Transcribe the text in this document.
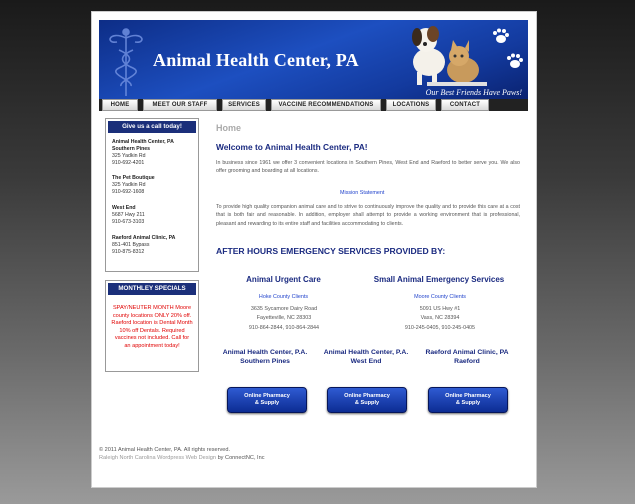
Animal Health Center, PA
Our Best Friends Have Paws!
HOME	MEET OUR STAFF	SERVICES	VACCINE RECOMMENDATIONS	LOCATIONS	CONTACT
Give us a call today!
Animal Health Center, PA
Southern Pines
325 Yadkin Rd
910-692-4201
The Pet Boutique
325 Yadkin Rd
910-692-1608
West End
5687 Hwy 211
910-673-3103
Raeford Animal Clinic, PA
851-401 Bypass
910-875-8312
MONTHLEY SPECIALS
SPAY/NEUTER MONTH Moore county locations ONLY 20% off. Raeford location is Dental Month 10% off Dentals. Required vaccines not included. Call for an appointment today!
Home
Welcome to Animal Health Center, PA!
In business since 1961 we offer 3 convenient locations in Southern Pines, West End and Raeford to better serve you. We also offer grooming and boarding at all locations.
Mission Statement
To provide high quality companion animal care and to strive to continuously improve the quality and to provide this care at a cost that is both fair and reasonable. In addition, employer shall attempt to provide a working environment that is professional, pleasant and rewarding to its entire staff and facilities accommodating to clients.
AFTER HOURS EMERGENCY SERVICES PROVIDED BY:
Animal Urgent Care
Hoke County Clients
3635 Sycamore Dairy Road
Fayetteville, NC 28303
910-864-2844, 910-864-2844
Small Animal Emergency Services
Moore County Clients
5091 US Hwy #1
Vass, NC 28394
910-245-0405, 910-245-0405
Animal Health Center, P.A.
Southern Pines
Animal Health Center, P.A.
West End
Raeford Animal Clinic, PA
Raeford
Online Pharmacy
& Supply
Online Pharmacy
& Supply
Online Pharmacy
& Supply
© 2011 Animal Health Center, PA. All rights reserved.
Raleigh North Carolina Wordpress Web Design by ConnectNC, Inc
